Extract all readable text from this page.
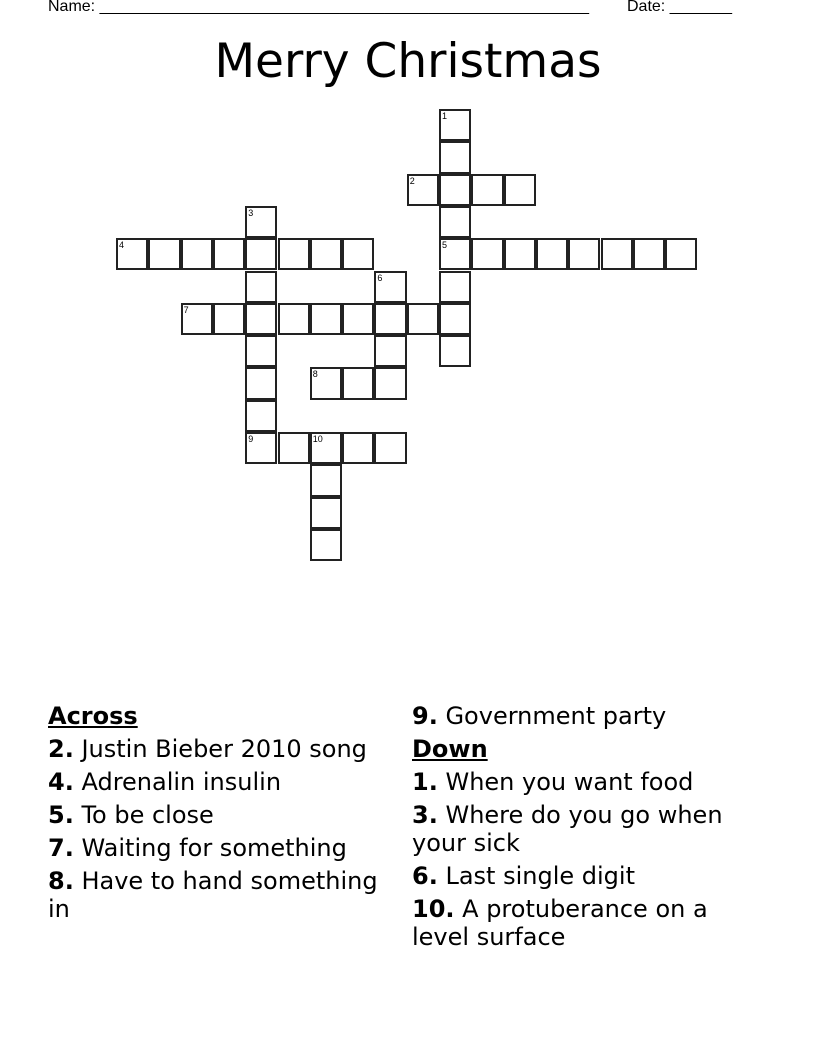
Name: _______________________________________________________ Date: _______
Merry Christmas
1
2
3
4	5
6
7
8
9	10
Across
2. Justin Bieber 2010 song
4. Adrenalin insulin
5. To be close
7. Waiting for something
8. Have to hand something in
9. Government party
Down
1. When you want food
3. Where do you go when your sick
6. Last single digit
10. A protuberance on a level surface
